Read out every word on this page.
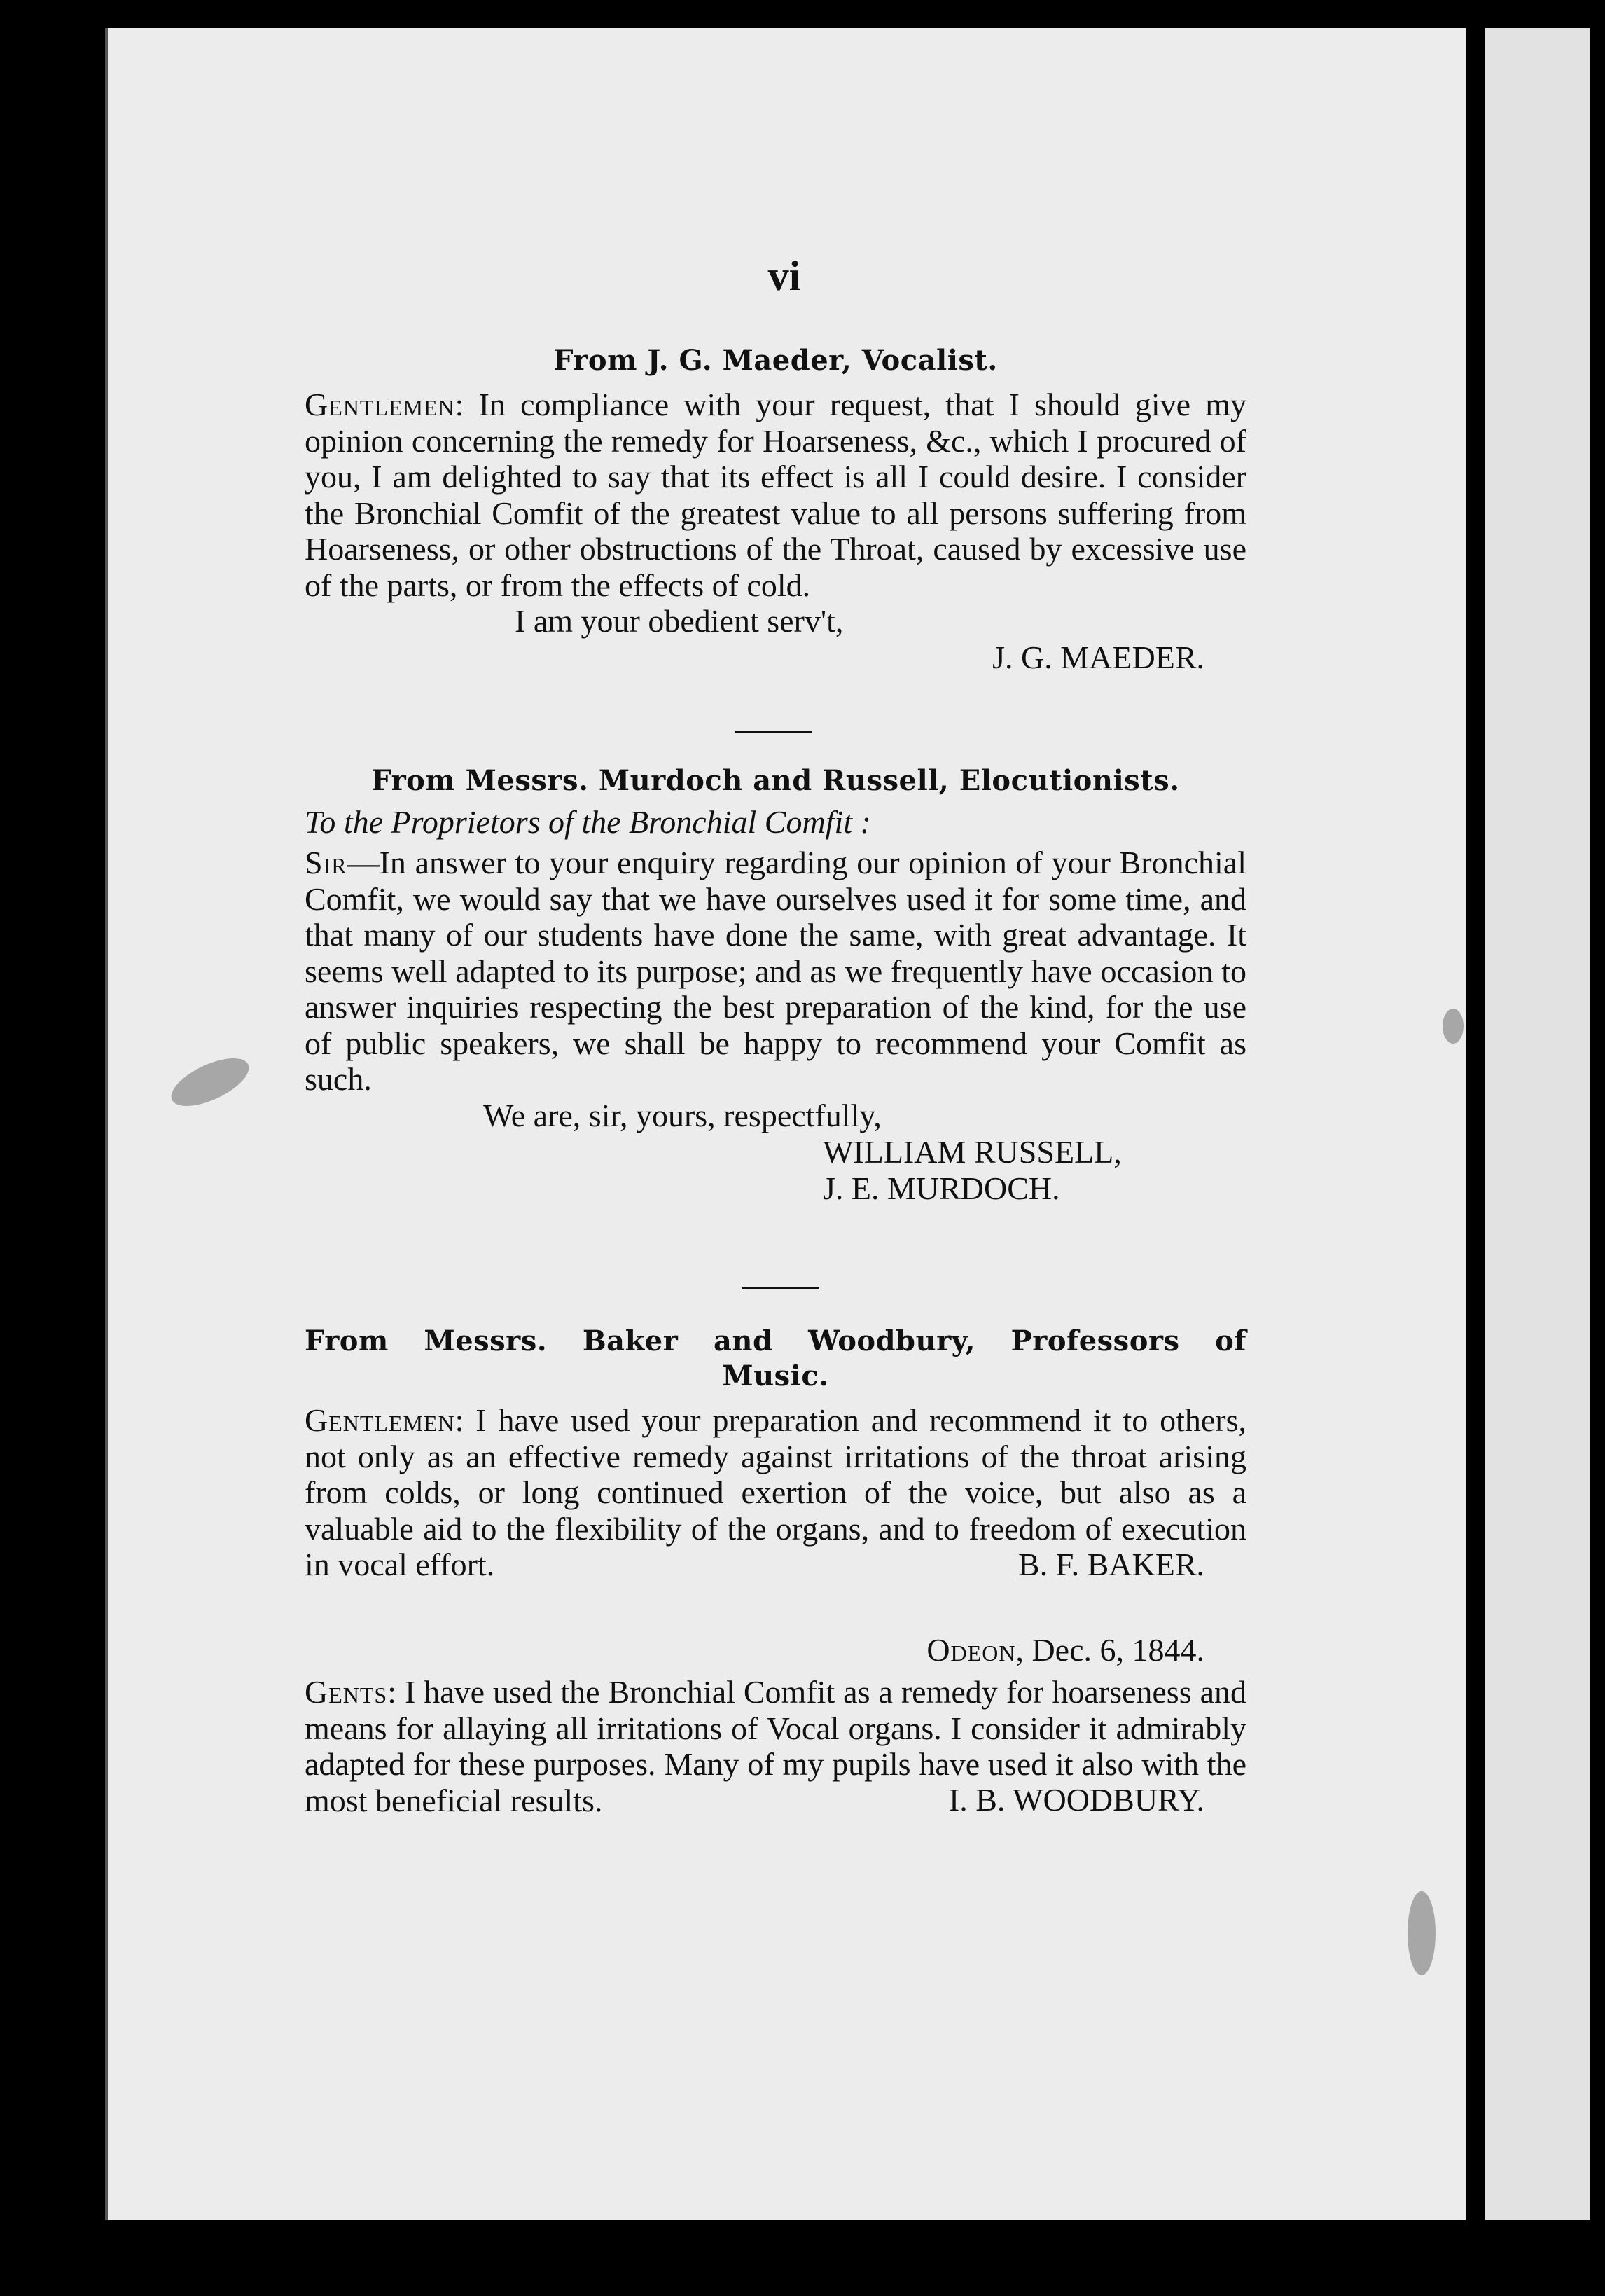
vi
From J. G. Maeder, Vocalist.

Gentlemen: In compliance with your request, that I should give my opinion concerning the remedy for Hoarseness, &c., which I procured of you, I am delighted to say that its effect is all I could desire. I consider the Bronchial Comfit of the greatest value to all persons suffering from Hoarseness, or other obstructions of the Throat, caused by excessive use of the parts, or from the effects of cold.

I am your obedient serv't,
J. G. MAEDER.
From Messrs. Murdoch and Russell, Elocutionists.
To the Proprietors of the Bronchial Comfit :

Sir—In answer to your enquiry regarding our opinion of your Bronchial Comfit, we would say that we have ourselves used it for some time, and that many of our students have done the same, with great advantage. It seems well adapted to its purpose; and as we frequently have occasion to answer inquiries respecting the best preparation of the kind, for the use of public speakers, we shall be happy to recommend your Comfit as such.

We are, sir, yours, respectfully,
WILLIAM RUSSELL,
J. E. MURDOCH.
From Messrs. Baker and Woodbury, Professors of
Music.

Gentlemen: I have used your preparation and recommend it to others, not only as an effective remedy against irritations of the throat arising from colds, or long continued exertion of the voice, but also as a valuable aid to the flexibility of the organs, and to freedom of execution in vocal effort.	B. F. BAKER.
Odeon, Dec. 6, 1844.

Gents: I have used the Bronchial Comfit as a remedy for hoarseness and means for allaying all irritations of Vocal organs. I consider it admirably adapted for these purposes. Many of my pupils have used it also with the most beneficial results.	I. B. WOODBURY.
